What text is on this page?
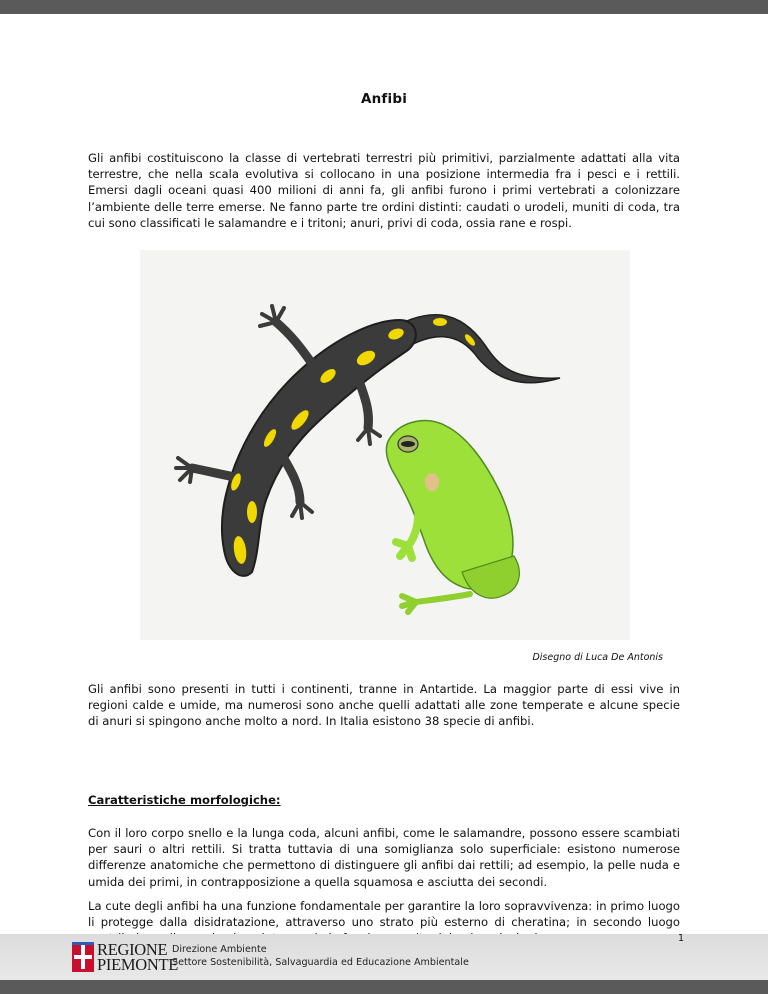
Anfibi

Gli anfibi costituiscono la classe di vertebrati terrestri più primitivi, parzialmente adattati alla vita terrestre, che nella scala evolutiva si collocano in una posizione intermedia fra i pesci e i rettili. Emersi dagli oceani quasi 400 milioni di anni fa, gli anfibi furono i primi vertebrati a colonizzare l’ambiente delle terre emerse. Ne fanno parte tre ordini distinti: caudati o urodeli, muniti di coda, tra cui sono classificati le salamandre e i tritoni; anuri, privi di coda, ossia rane e rospi.

Disegno di Luca De Antonis

Gli anfibi sono presenti in tutti i continenti, tranne in Antartide. La maggior parte di essi vive in regioni calde e umide, ma numerosi sono anche quelli adattati alle zone temperate e alcune specie di anuri si spingono anche molto a nord. In Italia esistono 38 specie di anfibi.

Caratteristiche morfologiche:

Con il loro corpo snello e la lunga coda, alcuni anfibi, come le salamandre, possono essere scambiati per sauri o altri rettili. Si tratta tuttavia di una somiglianza solo superficiale: esistono numerose differenze anatomiche che permettono di distinguere gli anfibi dai rettili; ad esempio, la pelle nuda e umida dei primi, in contrapposizione a quella squamosa e asciutta dei secondi.

La cute degli anfibi ha una funzione fondamentale per garantire la loro sopravvivenza: in primo luogo li protegge dalla disidratazione, attraverso uno strato più esterno di cheratina; in secondo luogo

REGIONE
PIEMONTE
Direzione Ambiente
Settore Sostenibilità, Salvaguardia ed Educazione Ambientale
1
